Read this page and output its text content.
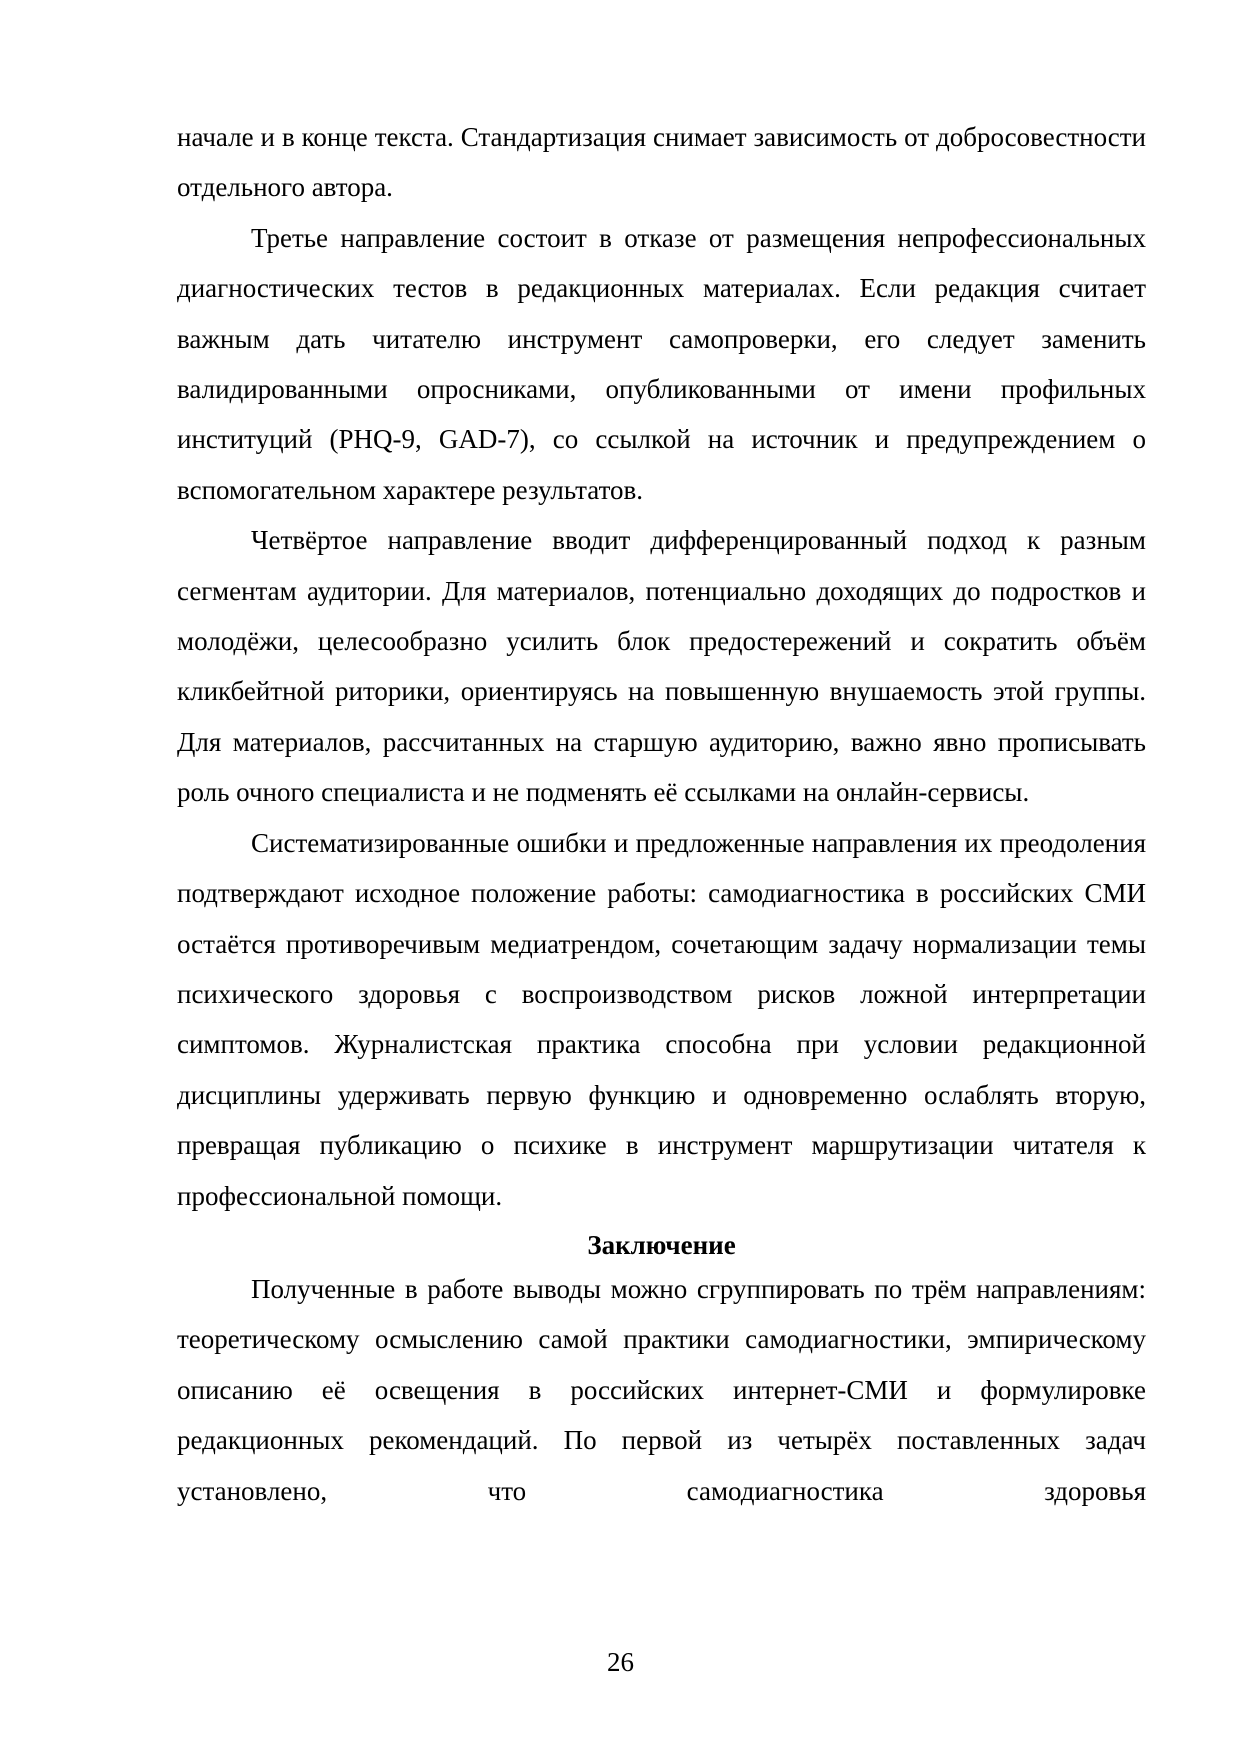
начале и в конце текста. Стандартизация снимает зависимость от добросовестности отдельного автора.

Третье направление состоит в отказе от размещения непрофессиональных диагностических тестов в редакционных материалах. Если редакция считает важным дать читателю инструмент самопроверки, его следует заменить валидированными опросниками, опубликованными от имени профильных институций (PHQ-9, GAD-7), со ссылкой на источник и предупреждением о вспомогательном характере результатов.

Четвёртое направление вводит дифференцированный подход к разным сегментам аудитории. Для материалов, потенциально доходящих до подростков и молодёжи, целесообразно усилить блок предостережений и сократить объём кликбейтной риторики, ориентируясь на повышенную внушаемость этой группы. Для материалов, рассчитанных на старшую аудиторию, важно явно прописывать роль очного специалиста и не подменять её ссылками на онлайн-сервисы.

Систематизированные ошибки и предложенные направления их преодоления подтверждают исходное положение работы: самодиагностика в российских СМИ остаётся противоречивым медиатрендом, сочетающим задачу нормализации темы психического здоровья с воспроизводством рисков ложной интерпретации симптомов. Журналистская практика способна при условии редакционной дисциплины удерживать первую функцию и одновременно ослаблять вторую, превращая публикацию о психике в инструмент маршрутизации читателя к профессиональной помощи.

Заключение

Полученные в работе выводы можно сгруппировать по трём направлениям: теоретическому осмыслению самой практики самодиагностики, эмпирическому описанию её освещения в российских интернет-СМИ и формулировке редакционных рекомендаций. По первой из четырёх поставленных задач установлено, что самодиагностика здоровья

26
